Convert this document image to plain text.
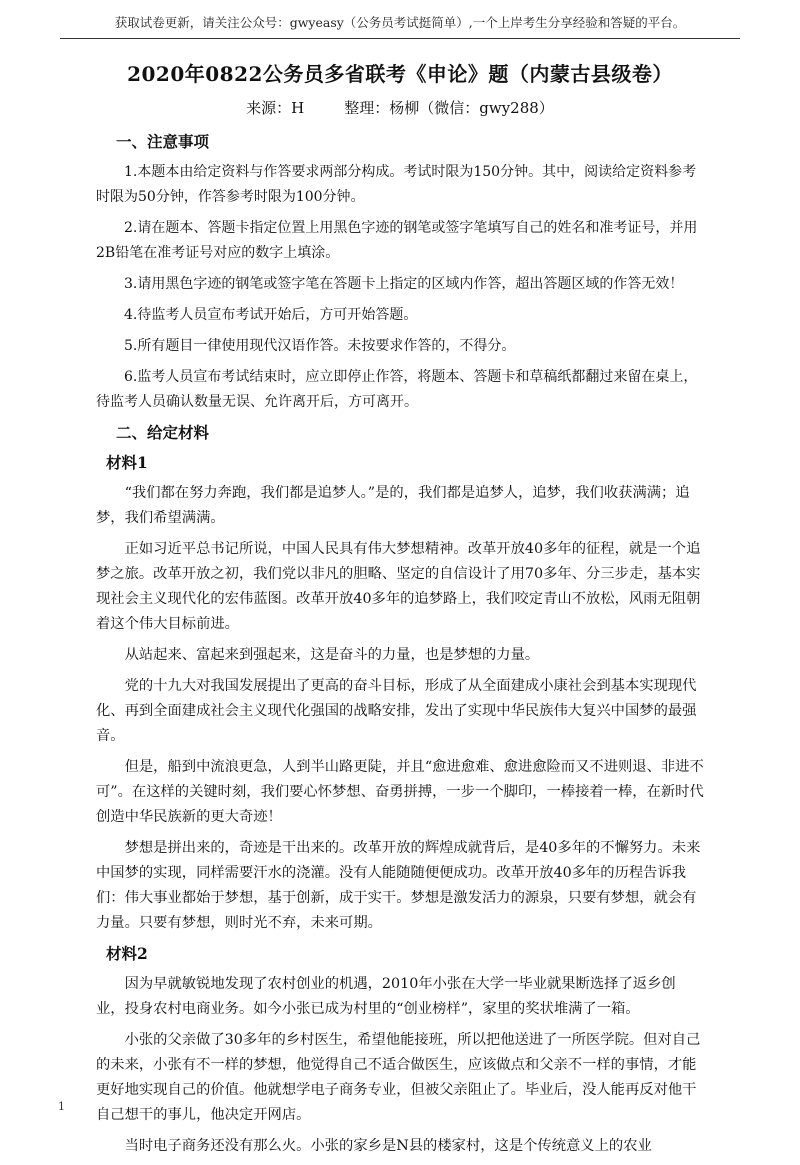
获取试卷更新，请关注公众号：gwyeasy（公务员考试挺简单）,一个上岸考生分享经验和答疑的平台。
2020年0822公务员多省联考《申论》题（内蒙古县级卷）
来源：H	整理：杨柳（微信：gwy288）
一、注意事项

1.本题本由给定资料与作答要求两部分构成。考试时限为150分钟。其中，阅读给定资料参考时限为50分钟，作答参考时限为100分钟。

2.请在题本、答题卡指定位置上用黑色字迹的钢笔或签字笔填写自己的姓名和准考证号，并用2B铅笔在准考证号对应的数字上填涂。

3.请用黑色字迹的钢笔或签字笔在答题卡上指定的区域内作答，超出答题区域的作答无效！

4.待监考人员宣布考试开始后，方可开始答题。

5.所有题目一律使用现代汉语作答。未按要求作答的，不得分。

6.监考人员宣布考试结束时，应立即停止作答，将题本、答题卡和草稿纸都翻过来留在桌上，待监考人员确认数量无误、允许离开后，方可离开。

二、给定材料
材料1

“我们都在努力奔跑，我们都是追梦人。”是的，我们都是追梦人，追梦，我们收获满满；追梦，我们希望满满。

正如习近平总书记所说，中国人民具有伟大梦想精神。改革开放40多年的征程，就是一个追梦之旅。改革开放之初，我们党以非凡的胆略、坚定的自信设计了用70多年、分三步走，基本实现社会主义现代化的宏伟蓝图。改革开放40多年的追梦路上，我们咬定青山不放松，风雨无阻朝着这个伟大目标前进。

从站起来、富起来到强起来，这是奋斗的力量，也是梦想的力量。

党的十九大对我国发展提出了更高的奋斗目标，形成了从全面建成小康社会到基本实现现代化、再到全面建成社会主义现代化强国的战略安排，发出了实现中华民族伟大复兴中国梦的最强音。

但是，船到中流浪更急，人到半山路更陡，并且“愈进愈难、愈进愈险而又不进则退、非进不可”。在这样的关键时刻，我们要心怀梦想、奋勇拼搏，一步一个脚印，一棒接着一棒，在新时代创造中华民族新的更大奇迹！

梦想是拼出来的，奇迹是干出来的。改革开放的辉煌成就背后，是40多年的不懈努力。未来中国梦的实现，同样需要汗水的浇灌。没有人能随随便便成功。改革开放40多年的历程告诉我们：伟大事业都始于梦想，基于创新，成于实干。梦想是激发活力的源泉，只要有梦想，就会有力量。只要有梦想，则时光不弃，未来可期。

材料2

因为早就敏锐地发现了农村创业的机遇，2010年小张在大学一毕业就果断选择了返乡创业，投身农村电商业务。如今小张已成为村里的“创业榜样”，家里的奖状堆满了一箱。

小张的父亲做了30多年的乡村医生，希望他能接班，所以把他送进了一所医学院。但对自己的未来，小张有不一样的梦想，他觉得自己不适合做医生，应该做点和父亲不一样的事情，才能更好地实现自己的价值。他就想学电子商务专业，但被父亲阻止了。毕业后，没人能再反对他干自己想干的事儿，他决定开网店。

当时电子商务还没有那么火。小张的家乡是N县的楼家村，这是个传统意义上的农业

1
